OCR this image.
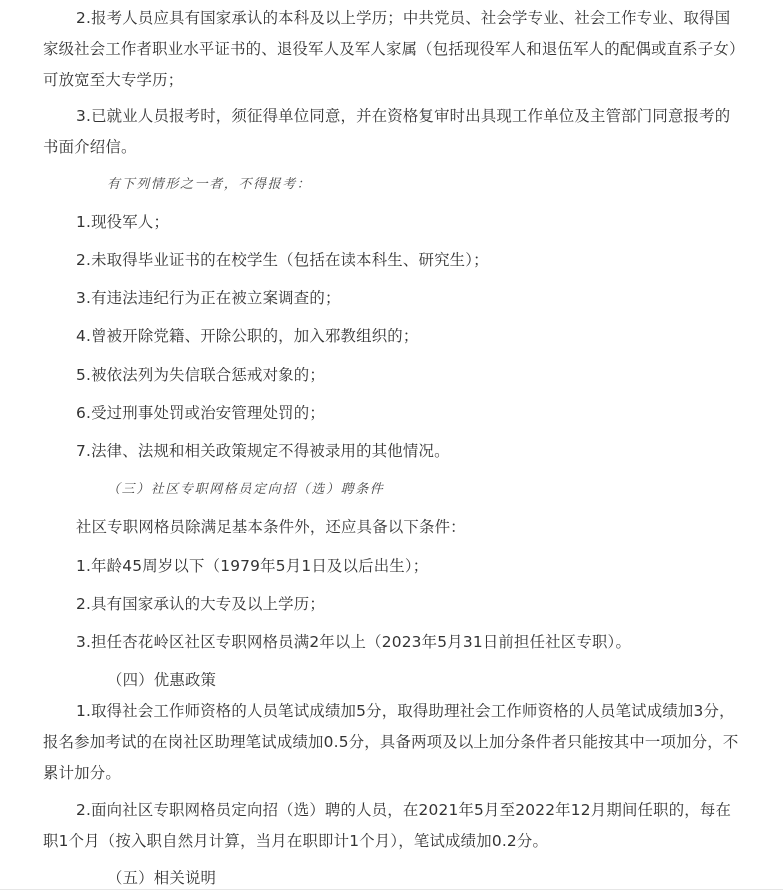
2.报考人员应具有国家承认的本科及以上学历；中共党员、社会学专业、社会工作专业、取得国家级社会工作者职业水平证书的、退役军人及军人家属（包括现役军人和退伍军人的配偶或直系子女）可放宽至大专学历；
3.已就业人员报考时，须征得单位同意，并在资格复审时出具现工作单位及主管部门同意报考的书面介绍信。
有下列情形之一者，不得报考：
1.现役军人；
2.未取得毕业证书的在校学生（包括在读本科生、研究生）；
3.有违法违纪行为正在被立案调查的；
4.曾被开除党籍、开除公职的，加入邪教组织的；
5.被依法列为失信联合惩戒对象的；
6.受过刑事处罚或治安管理处罚的；
7.法律、法规和相关政策规定不得被录用的其他情况。
（三）社区专职网格员定向招（选）聘条件
社区专职网格员除满足基本条件外，还应具备以下条件：
1.年龄45周岁以下（1979年5月1日及以后出生）；
2.具有国家承认的大专及以上学历；
3.担任杏花岭区社区专职网格员满2年以上（2023年5月31日前担任社区专职）。
（四）优惠政策
1.取得社会工作师资格的人员笔试成绩加5分，取得助理社会工作师资格的人员笔试成绩加3分，报名参加考试的在岗社区助理笔试成绩加0.5分，具备两项及以上加分条件者只能按其中一项加分，不累计加分。
2.面向社区专职网格员定向招（选）聘的人员，在2021年5月至2022年12月期间任职的，每在职1个月（按入职自然月计算，当月在职即计1个月），笔试成绩加0.2分。
（五）相关说明
